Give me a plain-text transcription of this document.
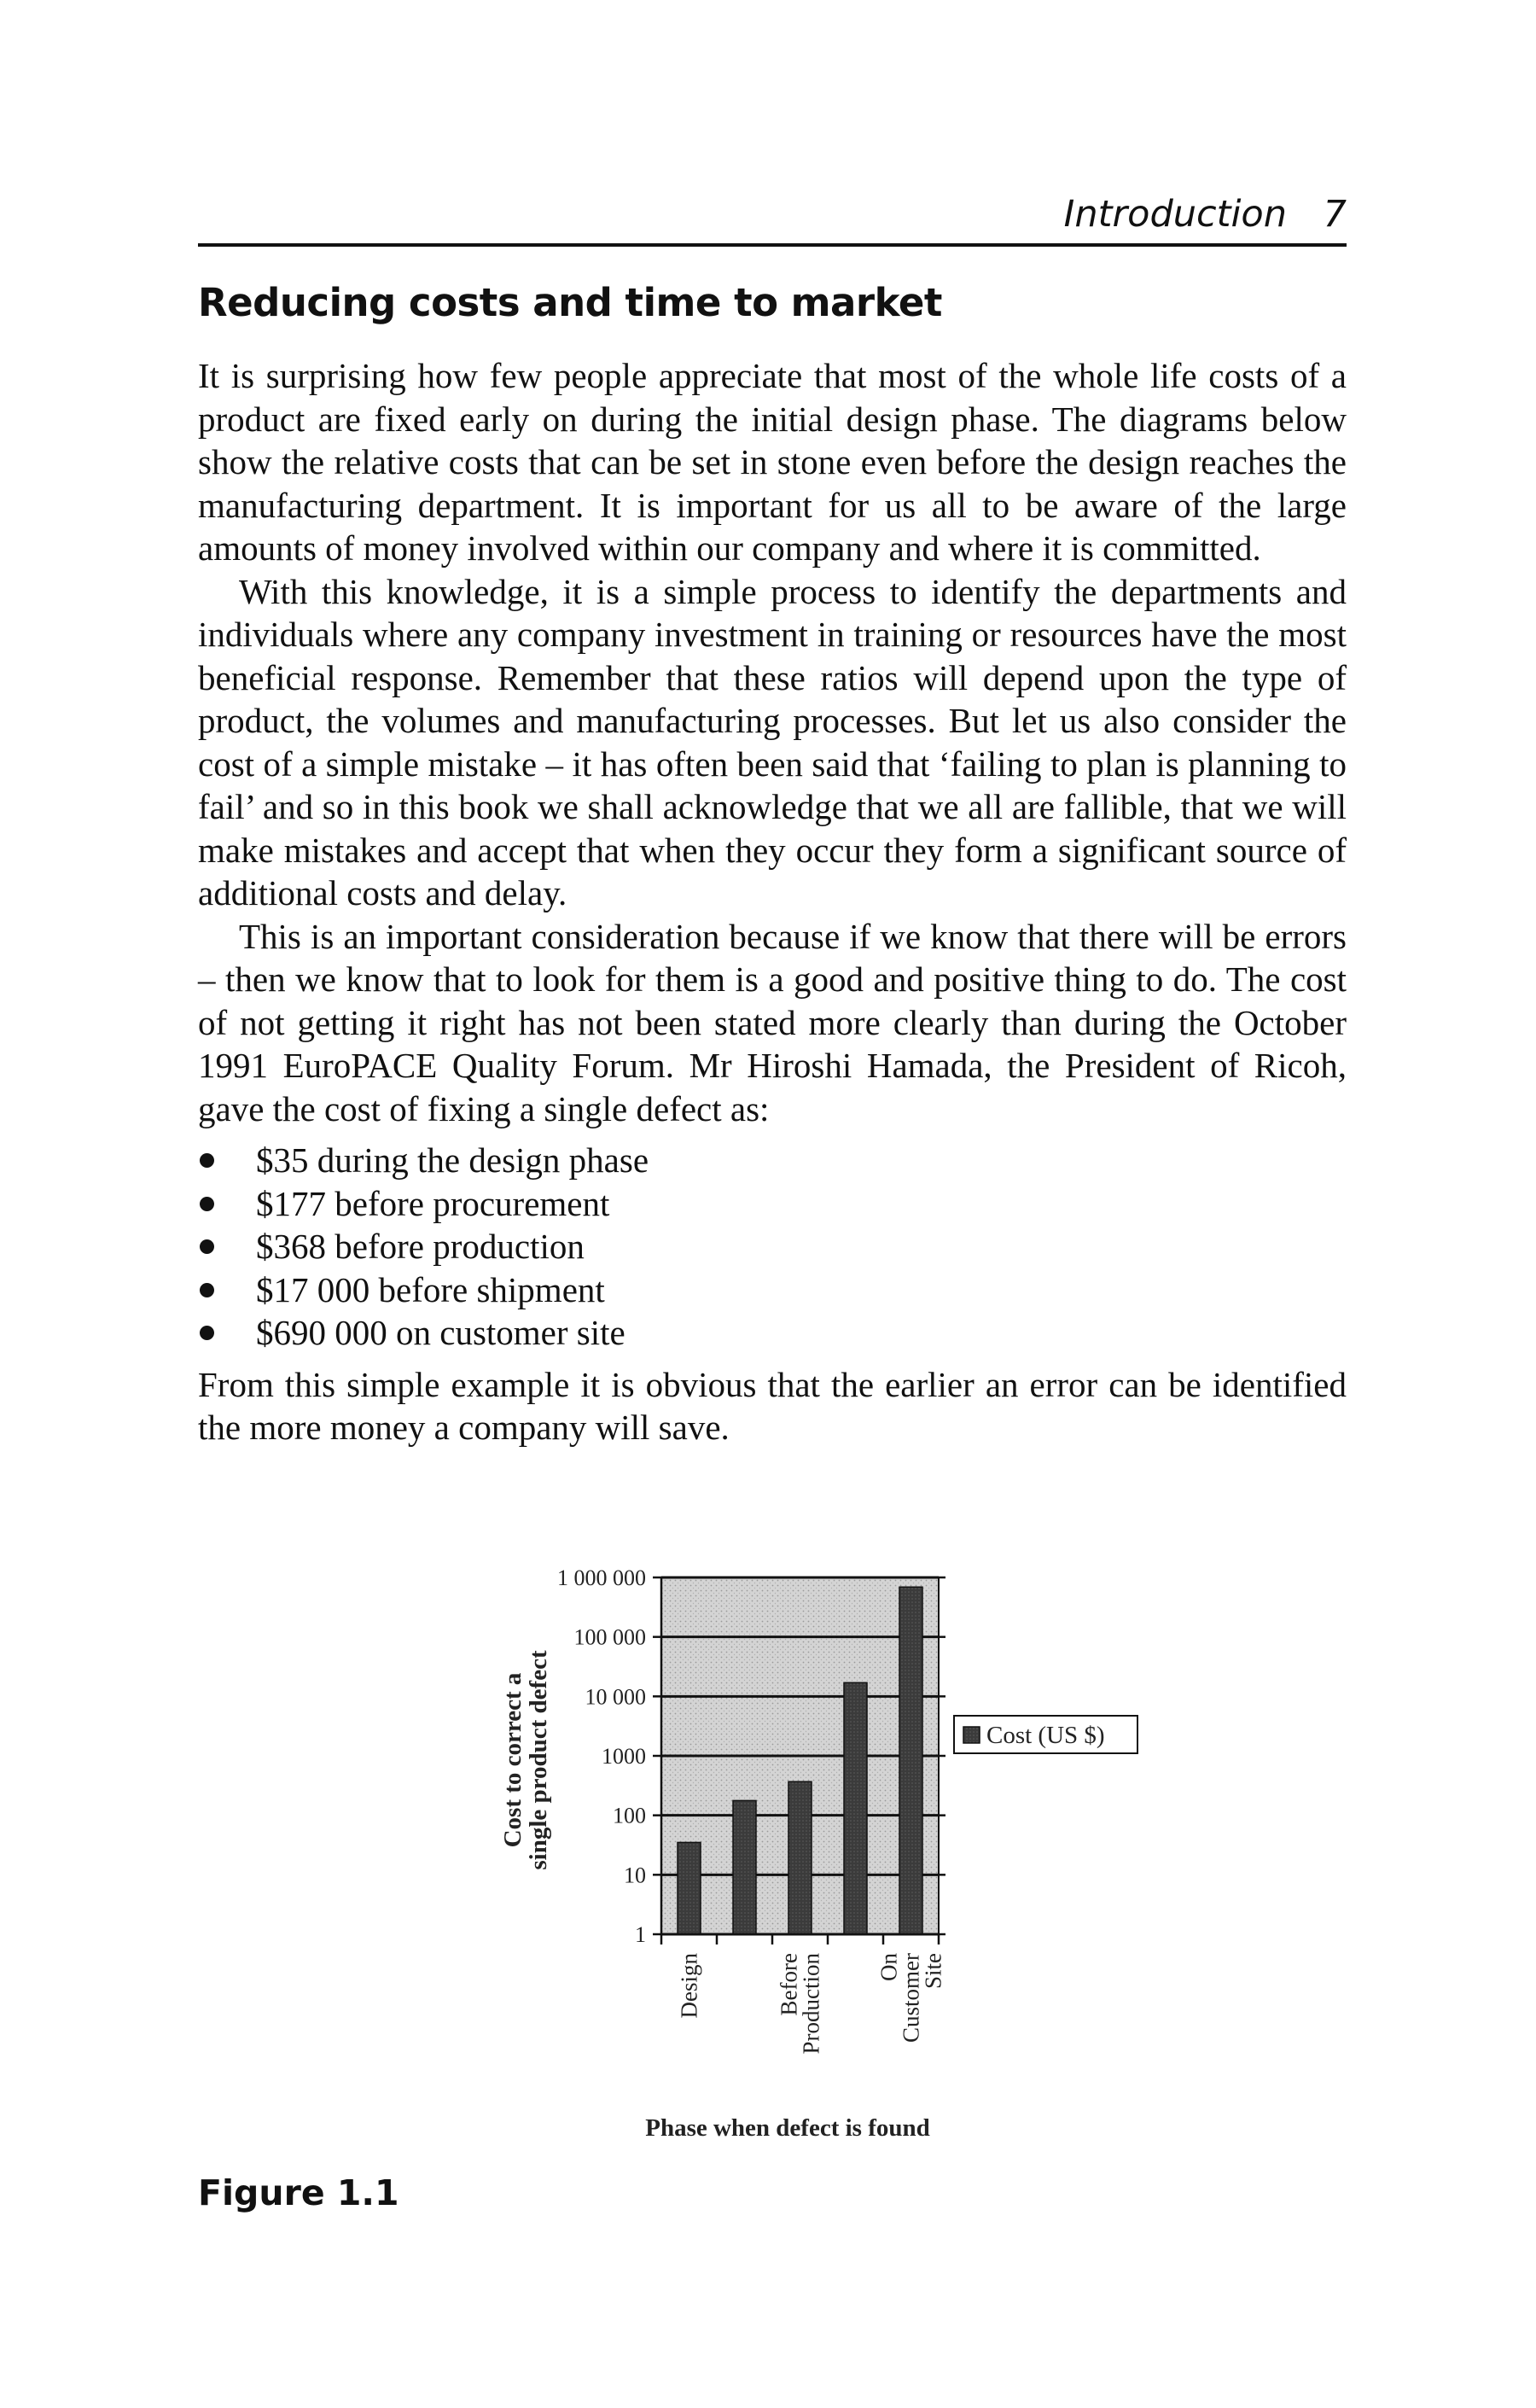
Introduction 7
Reducing costs and time to market

It is surprising how few people appreciate that most of the whole life costs of a product are fixed early on during the initial design phase. The diagrams below show the relative costs that can be set in stone even before the design reaches the manufacturing department. It is important for us all to be aware of the large amounts of money involved within our company and where it is committed.

With this knowledge, it is a simple process to identify the departments and individuals where any company investment in training or resources have the most beneficial response. Remember that these ratios will depend upon the type of product, the volumes and manufacturing processes. But let us also consider the cost of a simple mistake – it has often been said that ‘failing to plan is planning to fail’ and so in this book we shall acknowledge that we all are fallible, that we will make mistakes and accept that when they occur they form a significant source of additional costs and delay.

This is an important consideration because if we know that there will be errors – then we know that to look for them is a good and positive thing to do. The cost of not getting it right has not been stated more clearly than during the October 1991 EuroPACE Quality Forum. Mr Hiroshi Hamada, the President of Ricoh, gave the cost of fixing a single defect as:

$35 during the design phase
$177 before procurement
$368 before production
$17 000 before shipment
$690 000 on customer site

From this simple example it is obvious that the earlier an error can be identified the more money a company will save.

1
10
100
1000
10 000
100 000
1 000 000
Design	Before
Production On
Customer
Site
Cost to correct a
single product defect
Phase when defect is found
Cost (US $)

Figure 1.1
